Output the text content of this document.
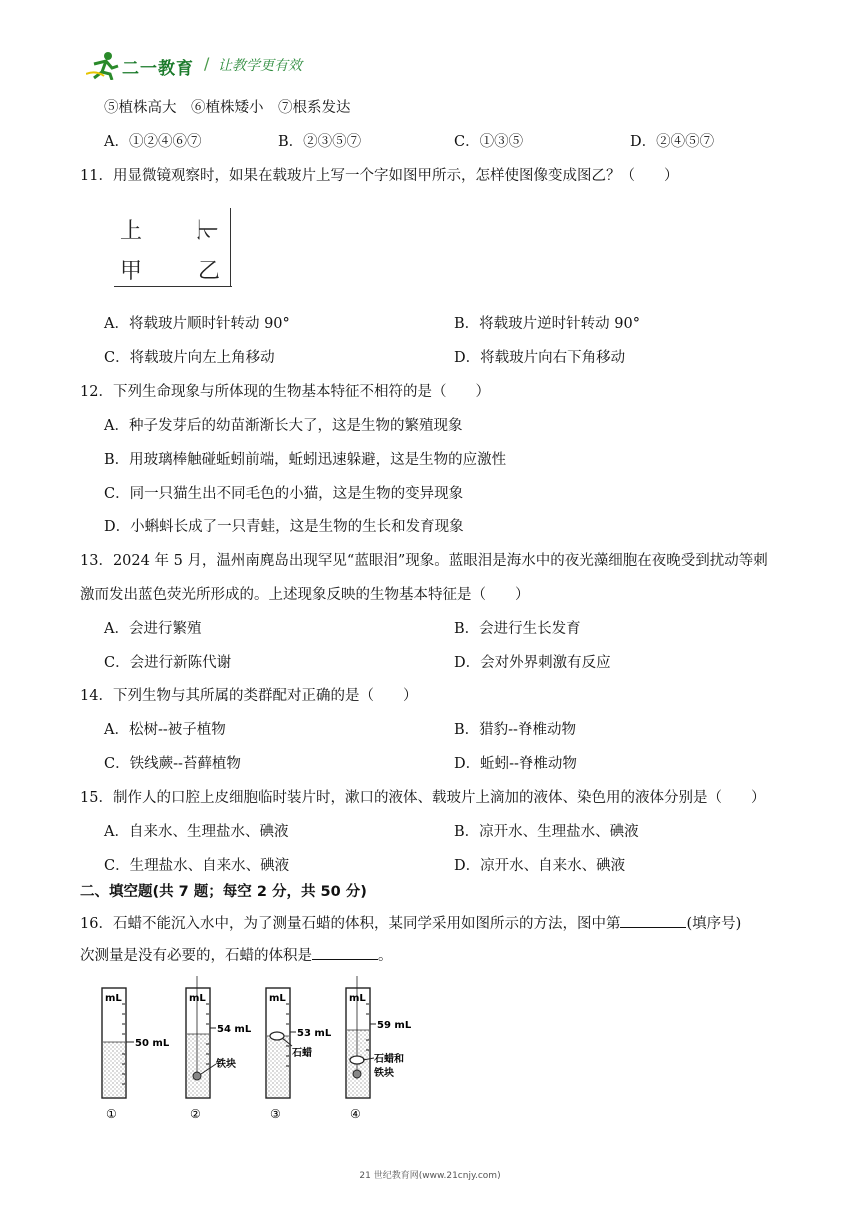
二一教育 / 让教学更有效
⑤植株高大　⑥植株矮小　⑦根系发达
A．①②④⑥⑦	B．②③⑤⑦	C．①③⑤	D．②④⑤⑦
11．用显微镜观察时，如果在载玻片上写一个字如图甲所示，怎样使图像变成图乙？（　　）
上 下
甲	乙
A．将载玻片顺时针转动 90°	B．将载玻片逆时针转动 90°
C．将载玻片向左上角移动	D．将载玻片向右下角移动
12．下列生命现象与所体现的生物基本特征不相符的是（　　）
A．种子发芽后的幼苗渐渐长大了，这是生物的繁殖现象
B．用玻璃棒触碰蚯蚓前端，蚯蚓迅速躲避，这是生物的应激性
C．同一只猫生出不同毛色的小猫，这是生物的变异现象
D．小蝌蚪长成了一只青蛙，这是生物的生长和发育现象
13．2024 年 5 月，温州南麂岛出现罕见“蓝眼泪”现象。蓝眼泪是海水中的夜光藻细胞在夜晚受到扰动等刺
激而发出蓝色荧光所形成的。上述现象反映的生物基本特征是（　　）
A．会进行繁殖	B．会进行生长发育
C．会进行新陈代谢	D．会对外界刺激有反应
14．下列生物与其所属的类群配对正确的是（　　）
A．松树--被子植物	B．猎豹--脊椎动物
C．铁线蕨--苔藓植物	D．蚯蚓--脊椎动物
15．制作人的口腔上皮细胞临时装片时，漱口的液体、载玻片上滴加的液体、染色用的液体分别是（　　）
A．自来水、生理盐水、碘液	B．凉开水、生理盐水、碘液
C．生理盐水、自来水、碘液	D．凉开水、自来水、碘液
二、填空题(共 7 题；每空 2 分，共 50 分)
16．石蜡不能沉入水中，为了测量石蜡的体积，某同学采用如图所示的方法，图中第	(填序号)
次测量是没有必要的，石蜡的体积是	。
mL
50 mL
①
mL
54 mL
铁块
②
mL
53 mL
石蜡
③
mL
59 mL
石蜡和
铁块
④
21 世纪教育网(www.21cnjy.com)
